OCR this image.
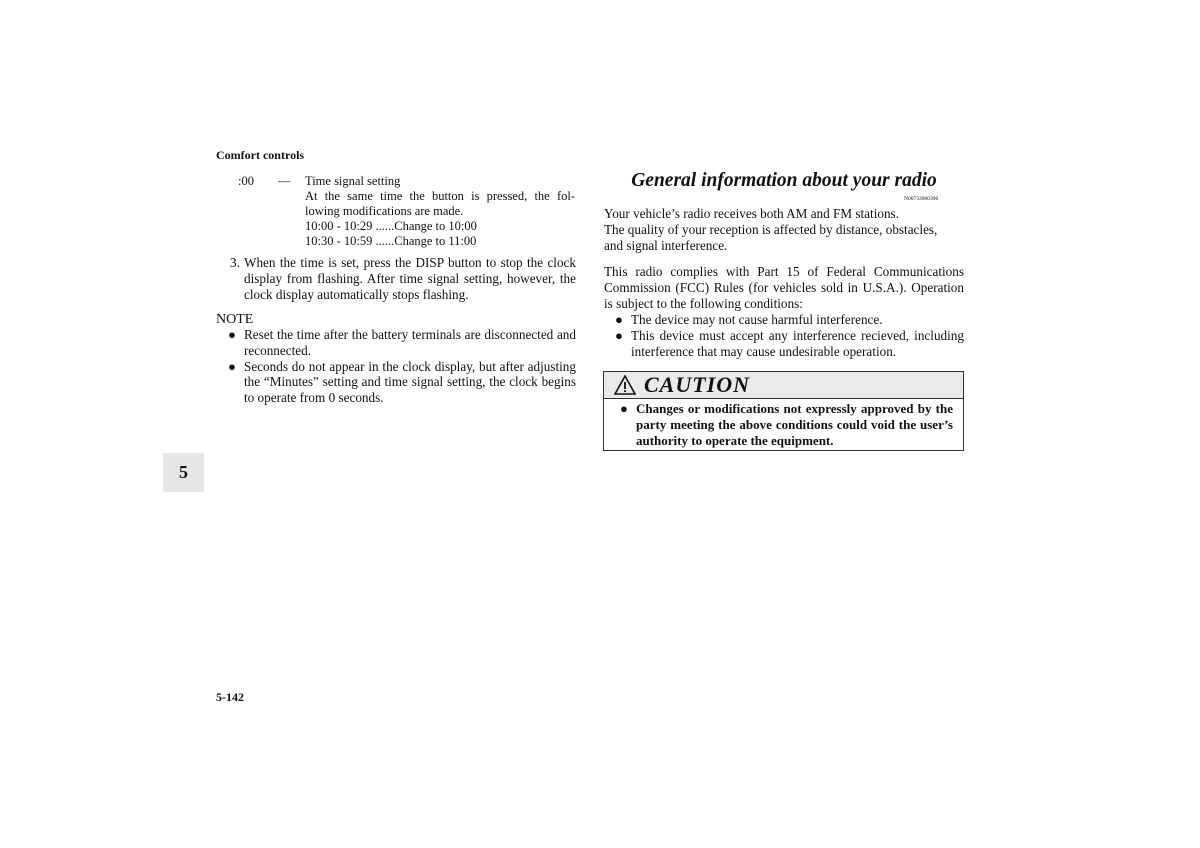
Comfort controls
:00 — Time signal setting
At the same time the button is pressed, the fol-
lowing modifications are made.
10:00 - 10:29 ......Change to 10:00
10:30 - 10:59 ......Change to 11:00
3. When the time is set, press the DISP button to stop the clock display from flashing. After time signal setting, however, the clock display automatically stops flashing.
NOTE
● Reset the time after the battery terminals are disconnected and reconnected.
● Seconds do not appear in the clock display, but after adjusting the “Minutes” setting and time signal setting, the clock begins to operate from 0 seconds.
5
General information about your radio
N00733900396
Your vehicle’s radio receives both AM and FM stations.
The quality of your reception is affected by distance, obstacles,
and signal interference.
This radio complies with Part 15 of Federal Communications Commission (FCC) Rules (for vehicles sold in U.S.A.). Operation is subject to the following conditions:
● The device may not cause harmful interference.
● This device must accept any interference recieved, including interference that may cause undesirable operation.
CAUTION
● Changes or modifications not expressly approved by the party meeting the above conditions could void the user’s authority to operate the equipment.
5-142
